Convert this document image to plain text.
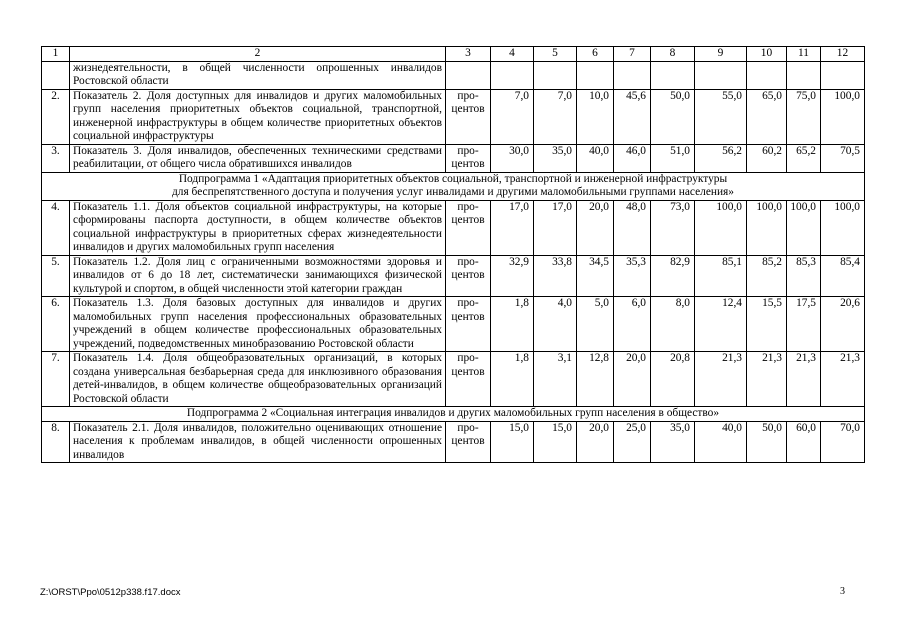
1	2	3	4	5	6	7	8	9	10	11	12
	жизнедеятельности, в общей численности опрошенных инвалидов Ростовской области										
2.	Показатель 2. Доля доступных для инвалидов и других маломобильных групп населения приоритетных объектов социальной, транспортной, инженерной инфраструктуры в общем количестве приоритетных объектов социальной инфраструктуры	про-центов	7,0	7,0	10,0	45,6	50,0	55,0	65,0	75,0	100,0
3.	Показатель 3. Доля инвалидов, обеспеченных техническими средствами реабилитации, от общего числа обратившихся инвалидов	про-центов	30,0	35,0	40,0	46,0	51,0	56,2	60,2	65,2	70,5

Подпрограмма 1 «Адаптация приоритетных объектов социальной, транспортной и инженерной инфраструктуры
для беспрепятственного доступа и получения услуг инвалидами и другими маломобильными группами населения»											

4.	Показатель 1.1. Доля объектов социальной инфраструктуры, на которые сформированы паспорта доступности, в общем количестве объектов социальной инфраструктуры в приоритетных сферах жизнедеятельности инвалидов и других маломобильных групп населения	про-центов	17,0	17,0	20,0	48,0	73,0	100,0	100,0	100,0	100,0
5.	Показатель 1.2. Доля лиц с ограниченными возможностями здоровья и инвалидов от 6 до 18 лет, систематически занимающихся физической культурой и спортом, в общей численности этой категории граждан	про-центов	32,9	33,8	34,5	35,3	82,9	85,1	85,2	85,3	85,4
6.	Показатель 1.3. Доля базовых доступных для инвалидов и других маломобильных групп населения профессиональных образовательных учреждений в общем количестве профессиональных образовательных учреждений, подведомственных минобразованию Ростовской области	про-центов	1,8	4,0	5,0	6,0	8,0	12,4	15,5	17,5	20,6
7.	Показатель 1.4. Доля общеобразовательных организаций, в которых создана универсальная безбарьерная среда для инклюзивного образования детей-инвалидов, в общем количестве общеобразовательных организаций Ростовской области	про-центов	1,8	3,1	12,8	20,0	20,8	21,3	21,3	21,3	21,3
Подпрограмма 2 «Социальная интеграция инвалидов и других маломобильных групп населения в общество»											
8.	Показатель 2.1. Доля инвалидов, положительно оценивающих отношение населения к проблемам инвалидов, в общей численности опрошенных инвалидов	про-центов	15,0	15,0	20,0	25,0	35,0	40,0	50,0	60,0	70,0
Z:\ORST\Ppo\0512p338.f17.docx	3
